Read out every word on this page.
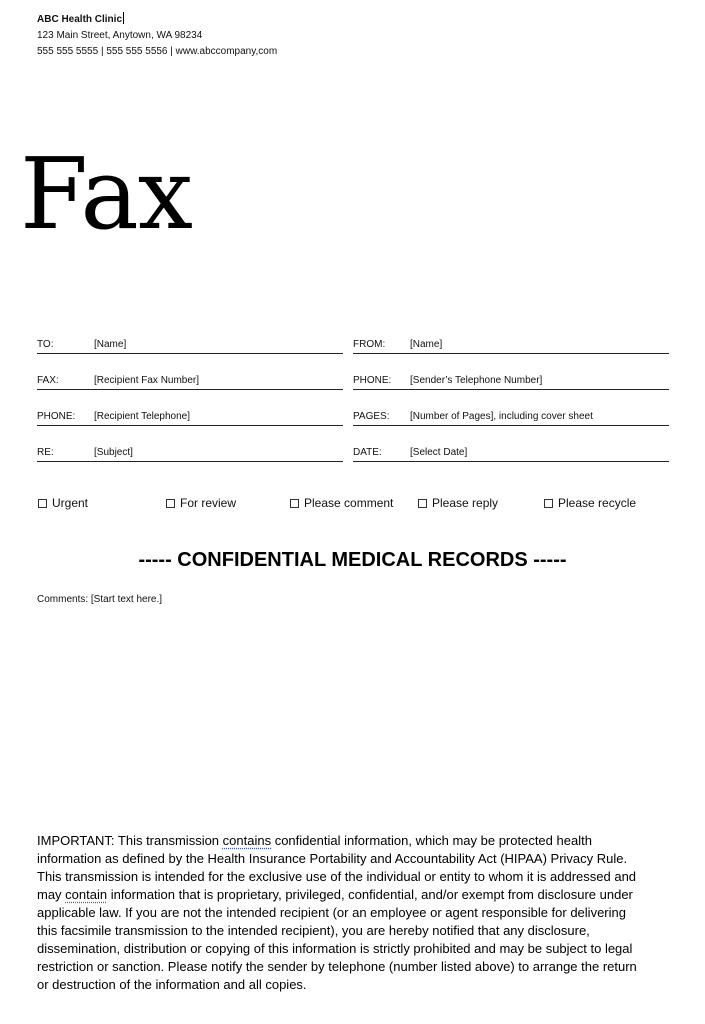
ABC Health Clinic
123 Main Street, Anytown, WA 98234
555 555 5555 | 555 555 5556 | www.abccompany,com
Fax
TO:	[Name]	FROM:	[Name]
FAX:	[Recipient Fax Number]	PHONE:	[Sender’s Telephone Number]
PHONE:	[Recipient Telephone]	PAGES:	[Number of Pages], including cover sheet
RE:	[Subject]	DATE:	[Select Date]
Urgent	For review	Please comment	Please reply	Please recycle
----- CONFIDENTIAL MEDICAL RECORDS -----
Comments: [Start text here.]
IMPORTANT: This transmission contains confidential information, which may be protected health
information as defined by the Health Insurance Portability and Accountability Act (HIPAA) Privacy Rule.
This transmission is intended for the exclusive use of the individual or entity to whom it is addressed and
may contain information that is proprietary, privileged, confidential, and/or exempt from disclosure under
applicable law. If you are not the intended recipient (or an employee or agent responsible for delivering
this facsimile transmission to the intended recipient), you are hereby notified that any disclosure,
dissemination, distribution or copying of this information is strictly prohibited and may be subject to legal
restriction or sanction. Please notify the sender by telephone (number listed above) to arrange the return
or destruction of the information and all copies.
